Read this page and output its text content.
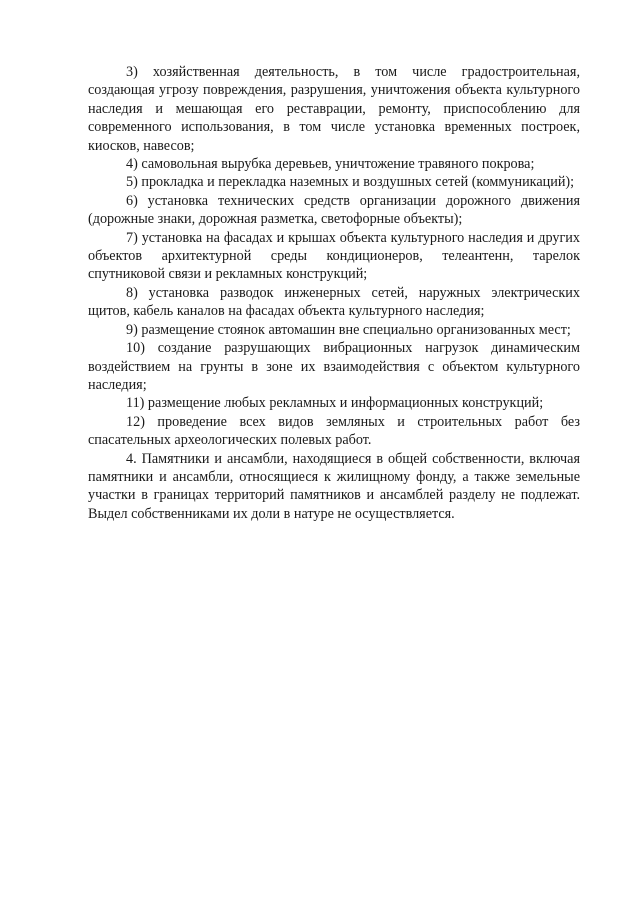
3) хозяйственная деятельность, в том числе градостроительная, создающая угрозу повреждения, разрушения, уничтожения объекта культурного наследия и мешающая его реставрации, ремонту, приспособлению для современного использования, в том числе установка временных построек, киосков, навесов;

4) самовольная вырубка деревьев, уничтожение травяного покрова;

5) прокладка и перекладка наземных и воздушных сетей (коммуникаций);

6) установка технических средств организации дорожного движения (дорожные знаки, дорожная разметка, светофорные объекты);

7) установка на фасадах и крышах объекта культурного наследия и других объектов архитектурной среды кондиционеров, телеантенн, тарелок спутниковой связи и рекламных конструкций;

8) установка разводок инженерных сетей, наружных электрических щитов, кабель каналов на фасадах объекта культурного наследия;

9) размещение стоянок автомашин вне специально организованных мест;

10) создание разрушающих вибрационных нагрузок динамическим воздействием на грунты в зоне их взаимодействия с объектом культурного наследия;

11) размещение любых рекламных и информационных конструкций;

12) проведение всех видов земляных и строительных работ без спасательных археологических полевых работ.

4. Памятники и ансамбли, находящиеся в общей собственности, включая памятники и ансамбли, относящиеся к жилищному фонду, а также земельные участки в границах территорий памятников и ансамблей разделу не подлежат. Выдел собственниками их доли в натуре не осуществляется.
